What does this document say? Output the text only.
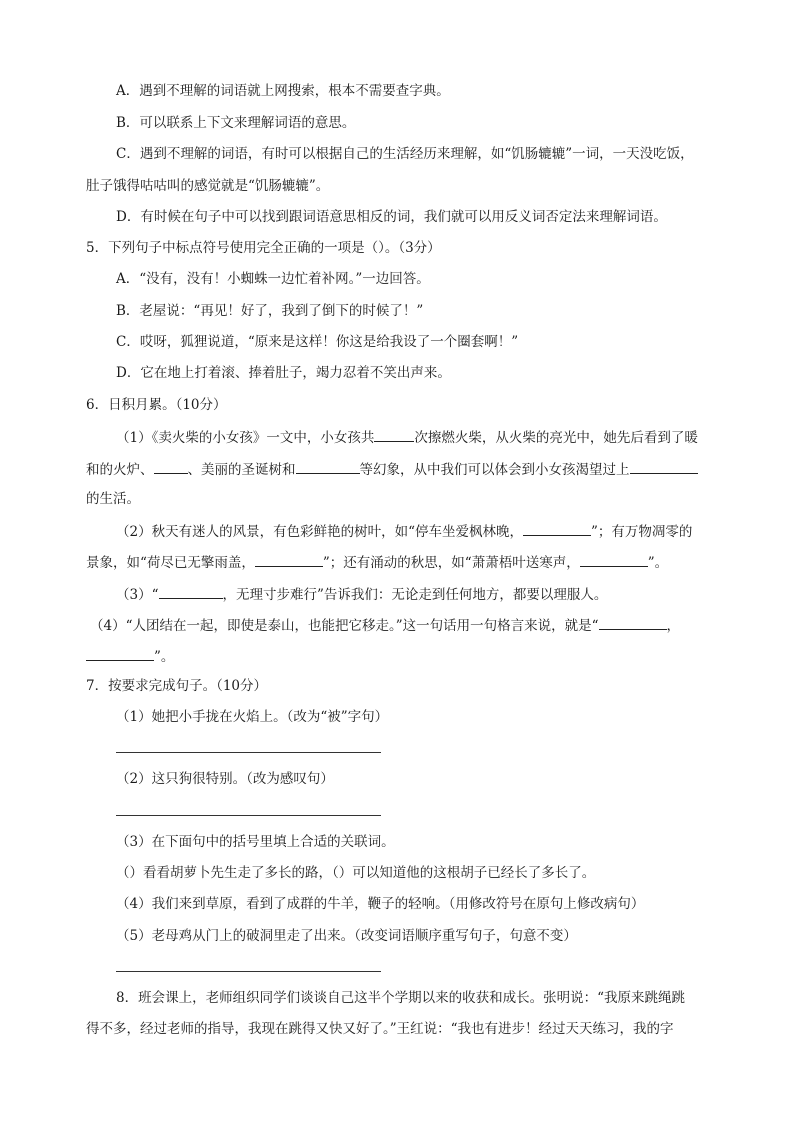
A．遇到不理解的词语就上网搜索，根本不需要查字典。
B．可以联系上下文来理解词语的意思。
C．遇到不理解的词语，有时可以根据自己的生活经历来理解，如“饥肠辘辘”一词，一天没吃饭，
肚子饿得咕咕叫的感觉就是“饥肠辘辘”。
D．有时候在句子中可以找到跟词语意思相反的词，我们就可以用反义词否定法来理解词语。
5．下列句子中标点符号使用完全正确的一项是（）。（3分）
A．“没有，没有！小蜘蛛一边忙着补网。”一边回答。
B．老屋说：“再见！好了，我到了倒下的时候了！”
C．哎呀，狐狸说道，“原来是这样！你这是给我设了一个圈套啊！”
D．它在地上打着滚、捧着肚子，竭力忍着不笑出声来。
6．日积月累。（10分）
（1）《卖火柴的小女孩》一文中，小女孩共	次擦燃火柴，从火柴的亮光中，她先后看到了暖
和的火炉、	、美丽的圣诞树和	等幻象，从中我们可以体会到小女孩渴望过上
的生活。
（2）秋天有迷人的风景，有色彩鲜艳的树叶，如“停车坐爱枫林晚，	”；有万物凋零的
景象，如“荷尽已无擎雨盖，	”；还有涌动的秋思，如“萧萧梧叶送寒声，	”。
（3）“	，无理寸步难行”告诉我们：无论走到任何地方，都要以理服人。
（4）“人团结在一起，即使是泰山，也能把它移走。”这一句话用一句格言来说，就是“	，
”。
7．按要求完成句子。（10分）
（1）她把小手拢在火焰上。（改为“被”字句）
（2）这只狗很特别。（改为感叹句）
（3）在下面句中的括号里填上合适的关联词。
（）看看胡萝卜先生走了多长的路，（）可以知道他的这根胡子已经长了多长了。
（4）我们来到草原，看到了成群的牛羊，鞭子的轻响。（用修改符号在原句上修改病句）
（5）老母鸡从门上的破洞里走了出来。（改变词语顺序重写句子，句意不变）
8．班会课上，老师组织同学们谈谈自己这半个学期以来的收获和成长。张明说：“我原来跳绳跳
得不多，经过老师的指导，我现在跳得又快又好了。”王红说：“我也有进步！经过天天练习，我的字
